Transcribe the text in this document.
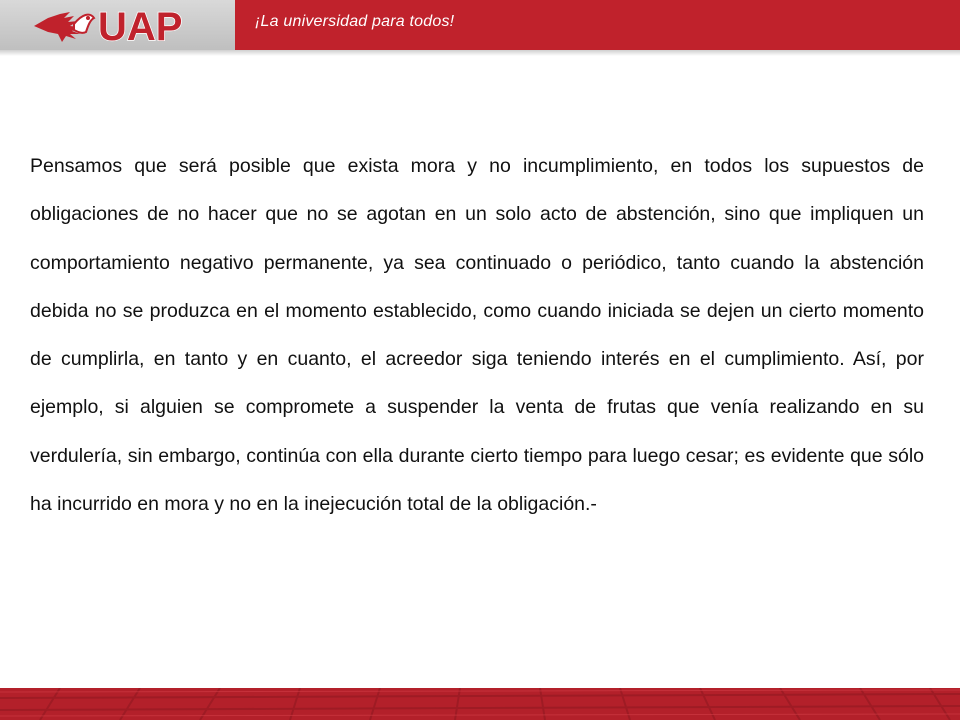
UAP	¡La universidad para todos!
Pensamos que será posible que exista mora y no incumplimiento, en todos los supuestos de obligaciones de no hacer que no se agotan en un solo acto de abstención, sino que impliquen un comportamiento negativo permanente, ya sea continuado o periódico, tanto cuando la abstención debida no se produzca en el momento establecido, como cuando iniciada se dejen un cierto momento de cumplirla, en tanto y en cuanto, el acreedor siga teniendo interés en el cumplimiento. Así, por ejemplo, si alguien se compromete a suspender la venta de frutas que venía realizando en su verdulería, sin embargo, continúa con ella durante cierto tiempo para luego cesar; es evidente que sólo ha incurrido en mora y no en la inejecución total de la obligación.-
